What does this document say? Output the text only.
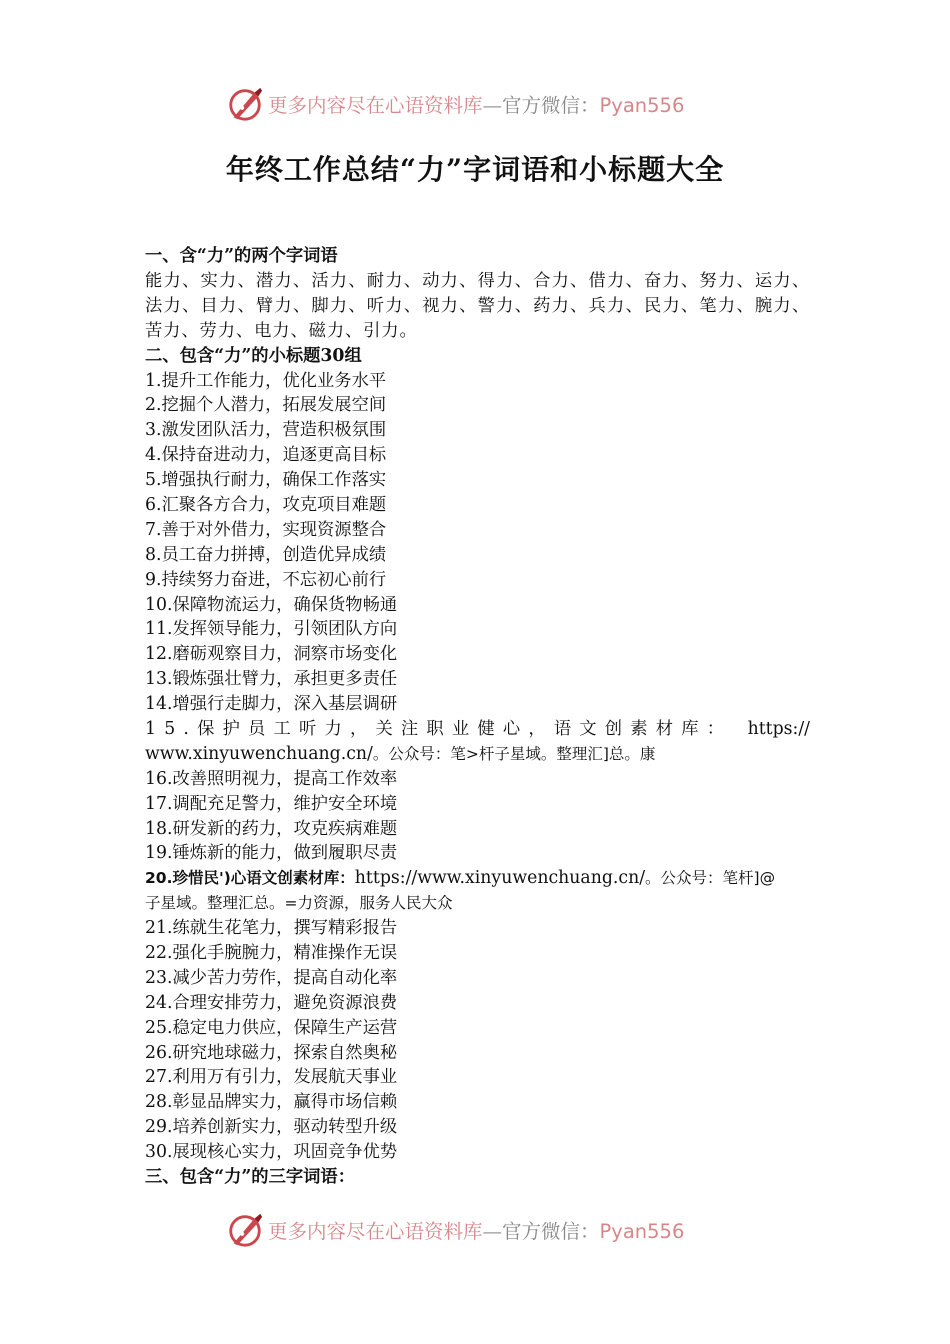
更多内容尽在心语资料库—官方微信：Pyan556
年终工作总结“力”字词语和小标题大全
一、含“力”的两个字词语
能力、实力、潜力、活力、耐力、动力、得力、合力、借力、奋力、努力、运力、法力、目力、臂力、脚力、听力、视力、警力、药力、兵力、民力、笔力、腕力、苦力、劳力、电力、磁力、引力。
二、包含“力”的小标题30组
1.提升工作能力，优化业务水平
2.挖掘个人潜力，拓展发展空间
3.激发团队活力，营造积极氛围
4.保持奋进动力，追逐更高目标
5.增强执行耐力，确保工作落实
6.汇聚各方合力，攻克项目难题
7.善于对外借力，实现资源整合
8.员工奋力拼搏，创造优异成绩
9.持续努力奋进，不忘初心前行
10.保障物流运力，确保货物畅通
11.发挥领导能力，引领团队方向
12.磨砺观察目力，洞察市场变化
13.锻炼强壮臂力，承担更多责任
14.增强行走脚力，深入基层调研
15.保护员工听力，关注职业健心，语文创素材库： https://
www.xinyuwenchuang.cn/。公众号：笔>杆子星域。整理汇]总。康
16.改善照明视力，提高工作效率
17.调配充足警力，维护安全环境
18.研发新的药力，攻克疾病难题
19.锤炼新的能力，做到履职尽责
20.珍惜民')心语文创素材库：https://www.xinyuwenchuang.cn/。公众号：笔杆]@
子星域。整理汇总。=力资源，服务人民大众
21.练就生花笔力，撰写精彩报告
22.强化手腕腕力，精准操作无误
23.减少苦力劳作，提高自动化率
24.合理安排劳力，避免资源浪费
25.稳定电力供应，保障生产运营
26.研究地球磁力，探索自然奥秘
27.利用万有引力，发展航天事业
28.彰显品牌实力，赢得市场信赖
29.培养创新实力，驱动转型升级
30.展现核心实力，巩固竞争优势
三、包含“力”的三字词语：
更多内容尽在心语资料库—官方微信：Pyan556
